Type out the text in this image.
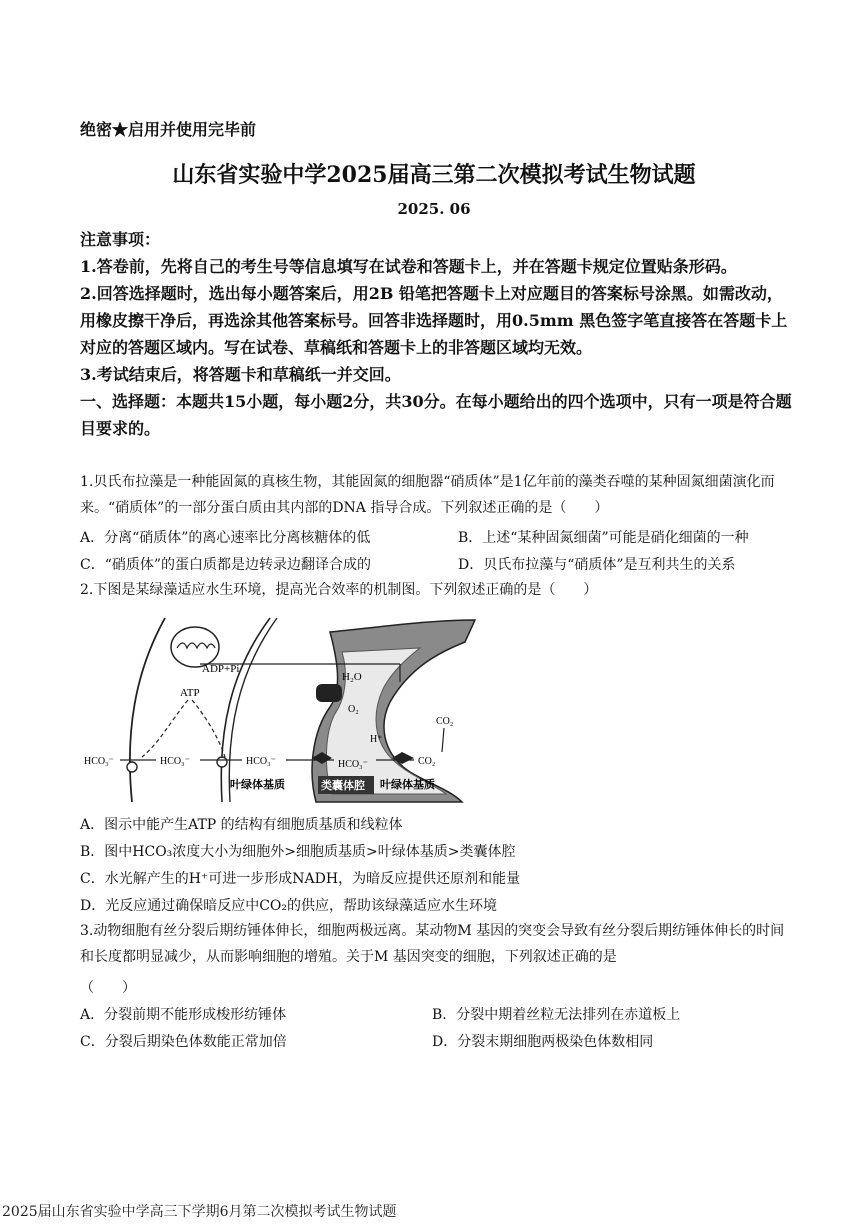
绝密★启用并使用完毕前
山东省实验中学2025届高三第二次模拟考试生物试题
2025. 06

注意事项：

1.答卷前，先将自己的考生号等信息填写在试卷和答题卡上，并在答题卡规定位置贴条形码。

2.回答选择题时，选出每小题答案后，用2B 铅笔把答题卡上对应题目的答案标号涂黑。如需改动，用橡皮擦干净后，再选涂其他答案标号。回答非选择题时，用0.5mm 黑色签字笔直接答在答题卡上对应的答题区域内。写在试卷、草稿纸和答题卡上的非答题区域均无效。

3.考试结束后，将答题卡和草稿纸一并交回。

一、选择题：本题共15小题，每小题2分，共30分。在每小题给出的四个选项中，只有一项是符合题目要求的。

1.贝氏布拉藻是一种能固氮的真核生物，其能固氮的细胞器“硝质体”是1亿年前的藻类吞噬的某种固氮细菌演化而来。“硝质体”的一部分蛋白质由其内部的DNA 指导合成。下列叙述正确的是（　　）
A．分离“硝质体”的离心速率比分离核糖体的低	B．上述“某种固氮细菌”可能是硝化细菌的一种
C．“硝质体”的蛋白质都是边转录边翻译合成的	D．贝氏布拉藻与“硝质体”是互利共生的关系
2.下图是某绿藻适应水生环境，提高光合效率的机制图。下列叙述正确的是（　　）
ADP+Pi
ATP
H₂O
O₂
H⁺
CO₂
HCO₃⁻	HCO₃⁻	HCO₃⁻	HCO₃⁻	CO₂
叶绿体基质	类囊体腔 叶绿体基质
A．图示中能产生ATP 的结构有细胞质基质和线粒体
B．图中HCO₃浓度大小为细胞外>细胞质基质>叶绿体基质>类囊体腔
C．水光解产生的H⁺可进一步形成NADH，为暗反应提供还原剂和能量
D．光反应通过确保暗反应中CO₂的供应，帮助该绿藻适应水生环境
3.动物细胞有丝分裂后期纺锤体伸长，细胞两极远离。某动物M 基因的突变会导致有丝分裂后期纺锤体伸长的时间和长度都明显减少，从而影响细胞的增殖。关于M 基因突变的细胞，下列叙述正确的是
（　　）
A．分裂前期不能形成梭形纺锤体	B．分裂中期着丝粒无法排列在赤道板上
C．分裂后期染色体数能正常加倍	D．分裂末期细胞两极染色体数相同
2025届山东省实验中学高三下学期6月第二次模拟考试生物试题
